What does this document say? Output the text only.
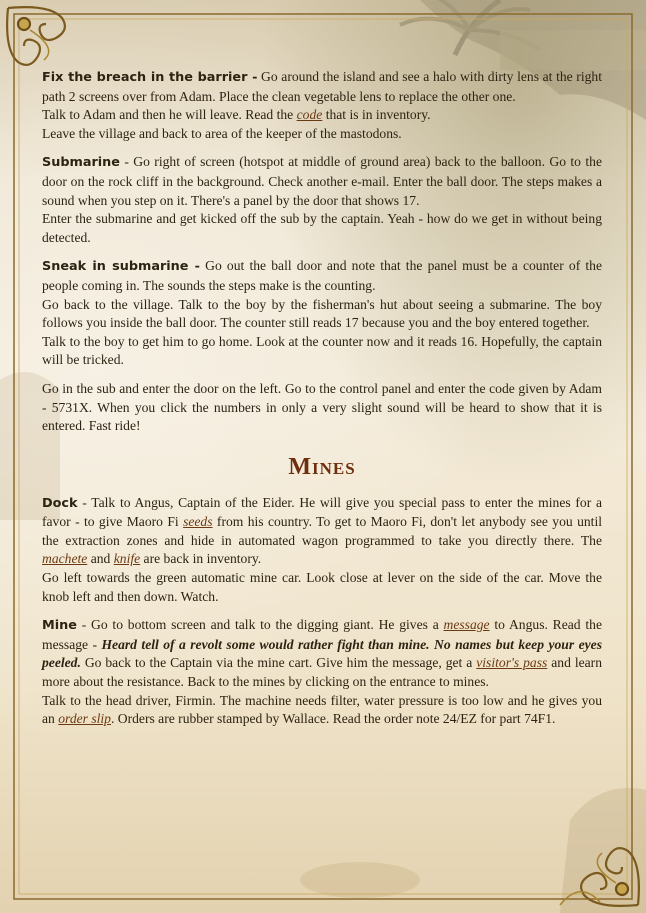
Fix the breach in the barrier - Go around the island and see a halo with dirty lens at the right path 2 screens over from Adam. Place the clean vegetable lens to replace the other one.

Talk to Adam and then he will leave. Read the code that is in inventory.

Leave the village and back to area of the keeper of the mastodons.

Submarine - Go right of screen (hotspot at middle of ground area) back to the balloon. Go to the door on the rock cliff in the background. Check another e-mail. Enter the ball door. The steps makes a sound when you step on it. There's a panel by the door that shows 17.

Enter the submarine and get kicked off the sub by the captain. Yeah - how do we get in without being detected.

Sneak in submarine - Go out the ball door and note that the panel must be a counter of the people coming in. The sounds the steps make is the counting.

Go back to the village. Talk to the boy by the fisherman's hut about seeing a submarine. The boy follows you inside the ball door. The counter still reads 17 because you and the boy entered together.

Talk to the boy to get him to go home. Look at the counter now and it reads 16. Hopefully, the captain will be tricked.

Go in the sub and enter the door on the left. Go to the control panel and enter the code given by Adam - 5731X. When you click the numbers in only a very slight sound will be heard to show that it is entered. Fast ride!

Mines

Dock - Talk to Angus, Captain of the Eider. He will give you special pass to enter the mines for a favor - to give Maoro Fi seeds from his country. To get to Maoro Fi, don't let anybody see you until the extraction zones and hide in automated wagon programmed to take you directly there. The machete and knife are back in inventory.

Go left towards the green automatic mine car. Look close at lever on the side of the car. Move the knob left and then down. Watch.

Mine - Go to bottom screen and talk to the digging giant. He gives a message to Angus. Read the message - Heard tell of a revolt some would rather fight than mine. No names but keep your eyes peeled. Go back to the Captain via the mine cart. Give him the message, get a visitor's pass and learn more about the resistance. Back to the mines by clicking on the entrance to mines.

Talk to the head driver, Firmin. The machine needs filter, water pressure is too low and he gives you an order slip. Orders are rubber stamped by Wallace. Read the order note 24/EZ for part 74F1.
